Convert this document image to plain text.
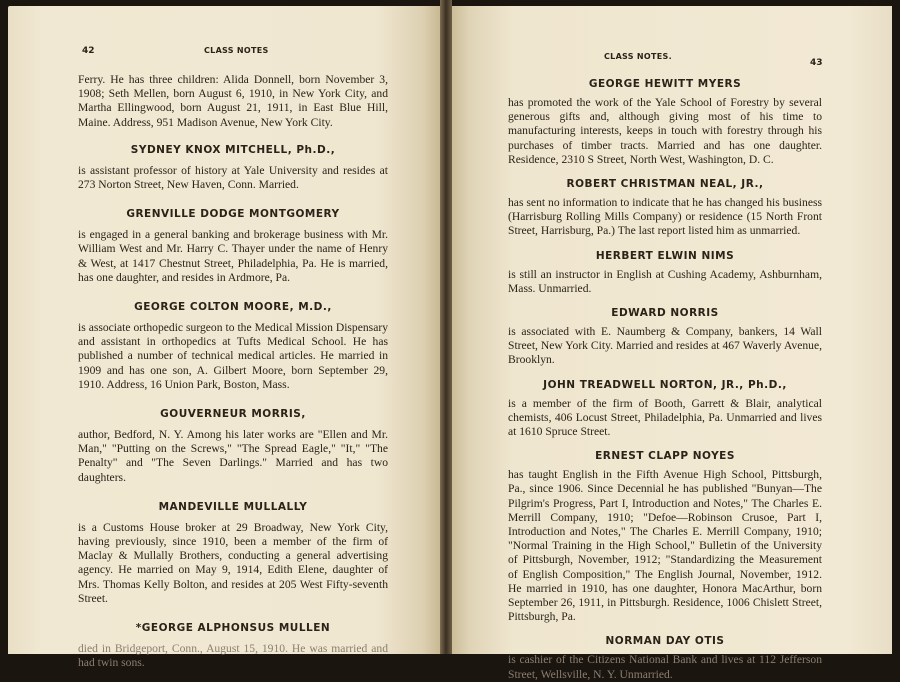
42	CLASS NOTES

Ferry. He has three children: Alida Donnell, born November 3, 1908; Seth Mellen, born August 6, 1910, in New York City, and Martha Ellingwood, born August 21, 1911, in East Blue Hill, Maine. Address, 951 Madison Avenue, New York City.

SYDNEY KNOX MITCHELL, Ph.D.,

is assistant professor of history at Yale University and resides at 273 Norton Street, New Haven, Conn. Married.

GRENVILLE DODGE MONTGOMERY

is engaged in a general banking and brokerage business with Mr. William West and Mr. Harry C. Thayer under the name of Henry & West, at 1417 Chestnut Street, Philadelphia, Pa. He is married, has one daughter, and resides in Ardmore, Pa.

GEORGE COLTON MOORE, M.D.,

is associate orthopedic surgeon to the Medical Mission Dispensary and assistant in orthopedics at Tufts Medical School. He has published a number of technical medical articles. He married in 1909 and has one son, A. Gilbert Moore, born September 29, 1910. Address, 16 Union Park, Boston, Mass.

GOUVERNEUR MORRIS,

author, Bedford, N. Y. Among his later works are "Ellen and Mr. Man," "Putting on the Screws," "The Spread Eagle," "It," "The Penalty" and "The Seven Darlings." Married and has two daughters.

MANDEVILLE MULLALLY

is a Customs House broker at 29 Broadway, New York City, having previously, since 1910, been a member of the firm of Maclay & Mullally Brothers, conducting a general advertising agency. He married on May 9, 1914, Edith Elene, daughter of Mrs. Thomas Kelly Bolton, and resides at 205 West Fifty-seventh Street.

*GEORGE ALPHONSUS MULLEN

died in Bridgeport, Conn., August 15, 1910. He was married and had twin sons.

CLASS NOTES.
43

GEORGE HEWITT MYERS

has promoted the work of the Yale School of Forestry by several generous gifts and, although giving most of his time to manufacturing interests, keeps in touch with forestry through his purchases of timber tracts. Married and has one daughter. Residence, 2310 S Street, North West, Washington, D. C.

ROBERT CHRISTMAN NEAL, JR.,

has sent no information to indicate that he has changed his business (Harrisburg Rolling Mills Company) or residence (15 North Front Street, Harrisburg, Pa.) The last report listed him as unmarried.

HERBERT ELWIN NIMS

is still an instructor in English at Cushing Academy, Ashburnham, Mass. Unmarried.

EDWARD NORRIS

is associated with E. Naumberg & Company, bankers, 14 Wall Street, New York City. Married and resides at 467 Waverly Avenue, Brooklyn.

JOHN TREADWELL NORTON, JR., Ph.D.,

is a member of the firm of Booth, Garrett & Blair, analytical chemists, 406 Locust Street, Philadelphia, Pa. Unmarried and lives at 1610 Spruce Street.

ERNEST CLAPP NOYES

has taught English in the Fifth Avenue High School, Pittsburgh, Pa., since 1906. Since Decennial he has published "Bunyan—The Pilgrim's Progress, Part I, Introduction and Notes," The Charles E. Merrill Company, 1910; "Defoe—Robinson Crusoe, Part I, Introduction and Notes," The Charles E. Merrill Company, 1910; "Normal Training in the High School," Bulletin of the University of Pittsburgh, November, 1912; "Standardizing the Measurement of English Composition," The English Journal, November, 1912. He married in 1910, has one daughter, Honora MacArthur, born September 26, 1911, in Pittsburgh. Residence, 1006 Chislett Street, Pittsburgh, Pa.

NORMAN DAY OTIS

is cashier of the Citizens National Bank and lives at 112 Jefferson Street, Wellsville, N. Y. Unmarried.
